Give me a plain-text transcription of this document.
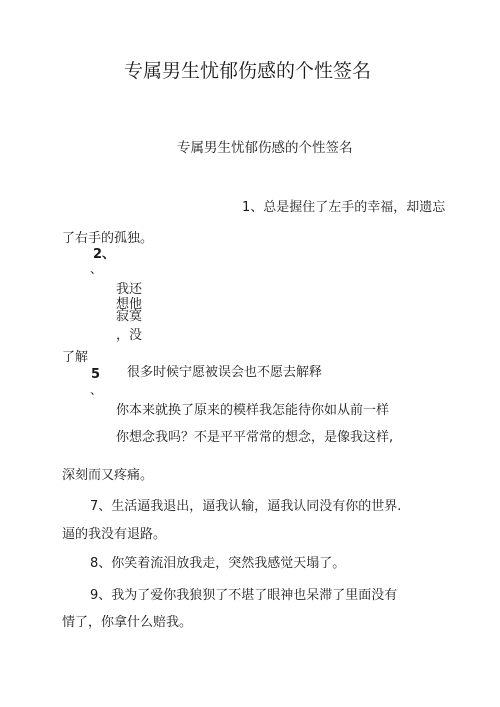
专属男生忧郁伤感的个性签名
专属男生忧郁伤感的个性签名
1、总是握住了左手的幸福，却遗忘
了右手的孤独。
2、
、
我还
想他
寂寞
，没
了解
5 很多时候宁愿被误会也不愿去解释
、
你本来就换了原来的模样我怎能待你如从前一样
你想念我吗？不是平平常常的想念，是像我这样,
深刻而又疼痛。
7、生活逼我退出，逼我认输，逼我认同没有你的世界.
逼的我没有退路。
8、你笑着流泪放我走，突然我感觉天塌了。
9、我为了爱你我狼狈了不堪了眼神也呆滞了里面没有
情了，你拿什么赔我。
